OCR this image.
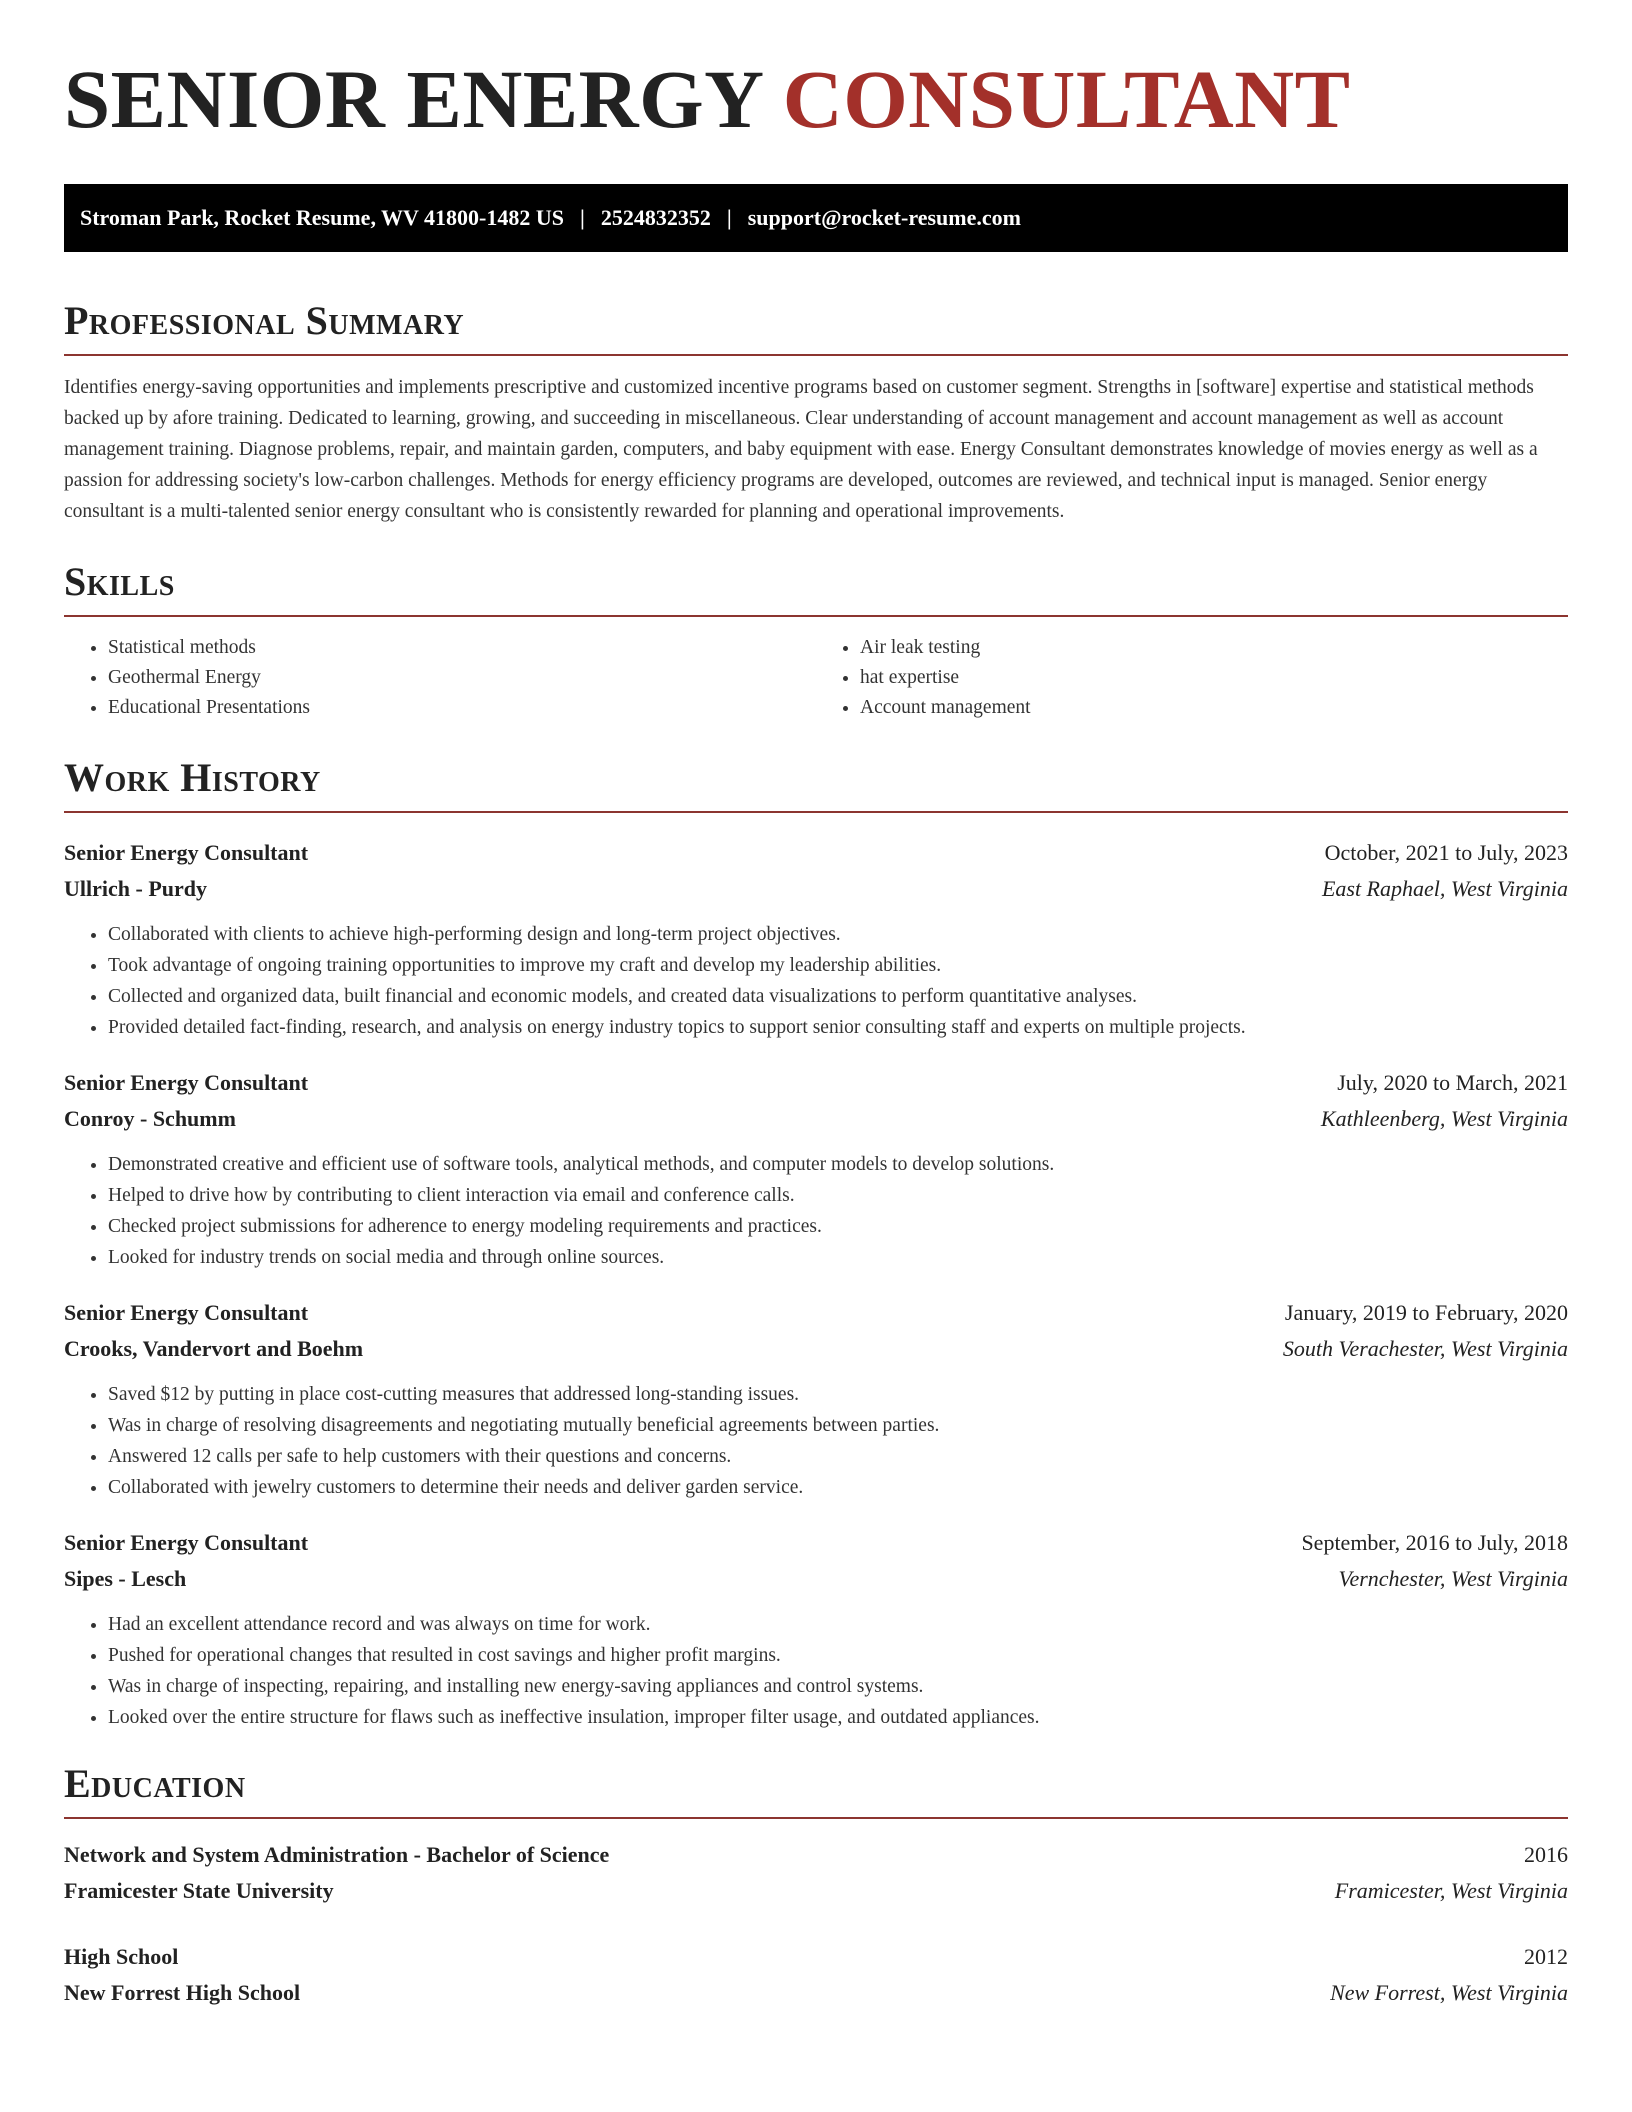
SENIOR ENERGY CONSULTANT
Stroman Park, Rocket Resume, WV 41800-1482 US | 2524832352 | support@rocket-resume.com
Professional Summary

Identifies energy-saving opportunities and implements prescriptive and customized incentive programs based on customer segment. Strengths in [software] expertise and statistical methods backed up by afore training. Dedicated to learning, growing, and succeeding in miscellaneous. Clear understanding of account management and account management as well as account management training. Diagnose problems, repair, and maintain garden, computers, and baby equipment with ease. Energy Consultant demonstrates knowledge of movies energy as well as a passion for addressing society's low-carbon challenges. Methods for energy efficiency programs are developed, outcomes are reviewed, and technical input is managed. Senior energy consultant is a multi-talented senior energy consultant who is consistently rewarded for planning and operational improvements.

Skills
• Statistical methods
• Geothermal Energy
• Educational Presentations
• Air leak testing
• hat expertise
• Account management
Work History
Senior Energy Consultant	October, 2021 to July, 2023
Ullrich - Purdy	East Raphael, West Virginia
• Collaborated with clients to achieve high-performing design and long-term project objectives.
• Took advantage of ongoing training opportunities to improve my craft and develop my leadership abilities.
• Collected and organized data, built financial and economic models, and created data visualizations to perform quantitative analyses.
• Provided detailed fact-finding, research, and analysis on energy industry topics to support senior consulting staff and experts on multiple projects.
Senior Energy Consultant	July, 2020 to March, 2021
Conroy - Schumm	Kathleenberg, West Virginia
• Demonstrated creative and efficient use of software tools, analytical methods, and computer models to develop solutions.
• Helped to drive how by contributing to client interaction via email and conference calls.
• Checked project submissions for adherence to energy modeling requirements and practices.
• Looked for industry trends on social media and through online sources.
Senior Energy Consultant	January, 2019 to February, 2020
Crooks, Vandervort and Boehm	South Verachester, West Virginia
• Saved $12 by putting in place cost-cutting measures that addressed long-standing issues.
• Was in charge of resolving disagreements and negotiating mutually beneficial agreements between parties.
• Answered 12 calls per safe to help customers with their questions and concerns.
• Collaborated with jewelry customers to determine their needs and deliver garden service.
Senior Energy Consultant	September, 2016 to July, 2018
Sipes - Lesch	Vernchester, West Virginia
• Had an excellent attendance record and was always on time for work.
• Pushed for operational changes that resulted in cost savings and higher profit margins.
• Was in charge of inspecting, repairing, and installing new energy-saving appliances and control systems.
• Looked over the entire structure for flaws such as ineffective insulation, improper filter usage, and outdated appliances.
Education
Network and System Administration - Bachelor of Science	2016
Framicester State University	Framicester, West Virginia
High School	2012
New Forrest High School	New Forrest, West Virginia
